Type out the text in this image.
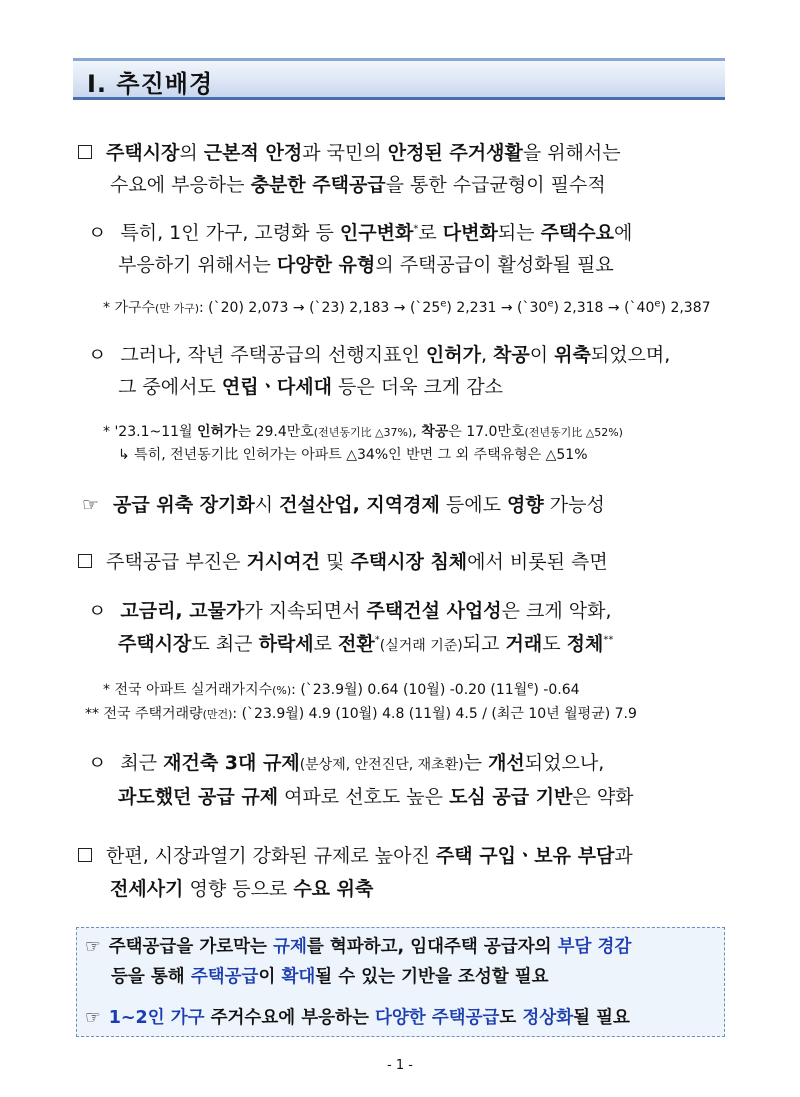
Ⅰ. 추진배경
주택시장의 근본적 안정과 국민의 안정된 주거생활을 위해서는
수요에 부응하는 충분한 주택공급을 통한 수급균형이 필수적
ㅇ 특히, 1인 가구, 고령화 등 인구변화*로 다변화되는 주택수요에
부응하기 위해서는 다양한 유형의 주택공급이 활성화될 필요
* 가구수(만 가구): (`20) 2,073 → (`23) $2,183 \to (`25^e) 2,231$ → $(`30^e) 2,318$ → $(`40^e)$ 2,387
ㅇ 그러나, 작년 주택공급의 선행지표인 인허가, 착공이 위축되었으며,
그 중에서도 연립ㆍ다세대 등은 더욱 크게 감소
* '23.1~11월 인허가는 29.4만호(전년동기比 △37%), 착공은 17.0만호(전년동기比 △52%)
↳ 특히, 전년동기比 인허가는 아파트 △34%인 반면 그 외 주택유형은 △51%
☞ 공급 위축 장기화시 건설산업, 지역경제 등에도 영향 가능성
주택공급 부진은 거시여건 및 주택시장 침체에서 비롯된 측면
ㅇ 고금리, 고물가가 지속되면서 주택건설 사업성은 크게 악화,
주택시장도 최근 하락세로 전환*(실거래 기준)되고 거래도 정체**
* 전국 아파트 실거래가지수(%): (`23.9월) 0.64 (10월) -0.20 (11월$^e$) -0.64
** 전국 주택거래량(만건): (`23.9월) 4.9 (10월) 4.8 (11월) 4.5 / (최근 10년 월평균) 7.9
ㅇ 최근 재건축 3대 규제(분상제, 안전진단, 재초환)는 개선되었으나,
과도했던 공급 규제 여파로 선호도 높은 도심 공급 기반은 약화
한편, 시장과열기 강화된 규제로 높아진 주택 구입ㆍ보유 부담과
전세사기 영향 등으로 수요 위축
☞ 주택공급을 가로막는 규제를 혁파하고, 임대주택 공급자의 부담 경감
등을 통해 주택공급이 확대될 수 있는 기반을 조성할 필요
☞ 1~2인 가구 주거수요에 부응하는 다양한 주택공급도 정상화될 필요
- 1 -
